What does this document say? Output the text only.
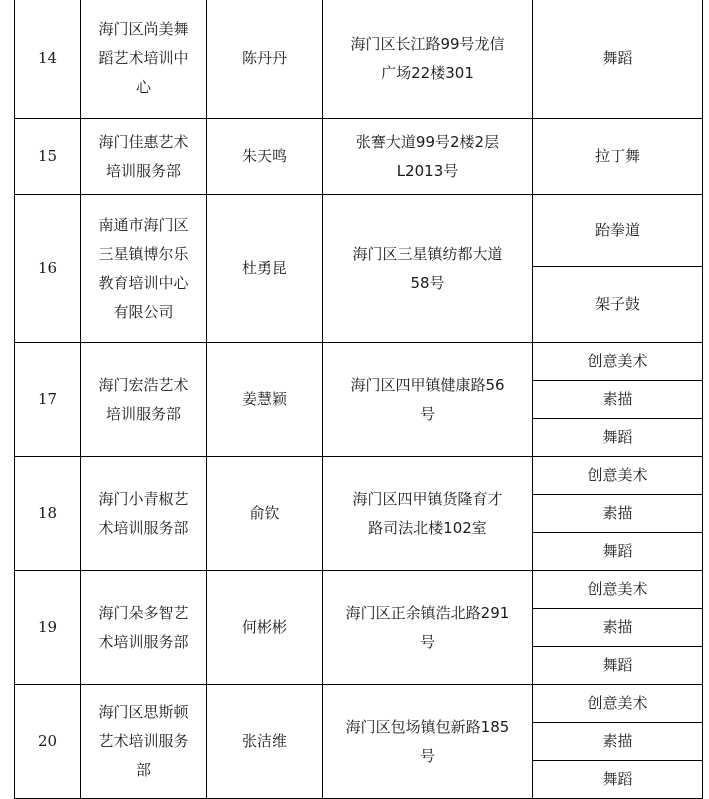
14	海门区尚美舞
蹈艺术培训中
心	陈丹丹	海门区长江路99号龙信
广场22楼301	舞蹈
15	海门佳惠艺术
培训服务部	朱天鸣	张謇大道99号2楼2层
L2013号	拉丁舞
16	南通市海门区
三星镇博尔乐
教育培训中心
有限公司	杜勇昆	海门区三星镇纺都大道
58号	跆拳道
				架子鼓
17	海门宏浩艺术
培训服务部	姜慧颖	海门区四甲镇健康路56
号	创意美术
				素描
				舞蹈
18	海门小青椒艺
术培训服务部	俞钦	海门区四甲镇货隆育才
路司法北楼102室	创意美术
				素描
				舞蹈
19	海门朵多智艺
术培训服务部	何彬彬	海门区正余镇浩北路291
号	创意美术
				素描
				舞蹈
20	海门区思斯顿
艺术培训服务
部	张洁维	海门区包场镇包新路185
号	创意美术
				素描
				舞蹈
